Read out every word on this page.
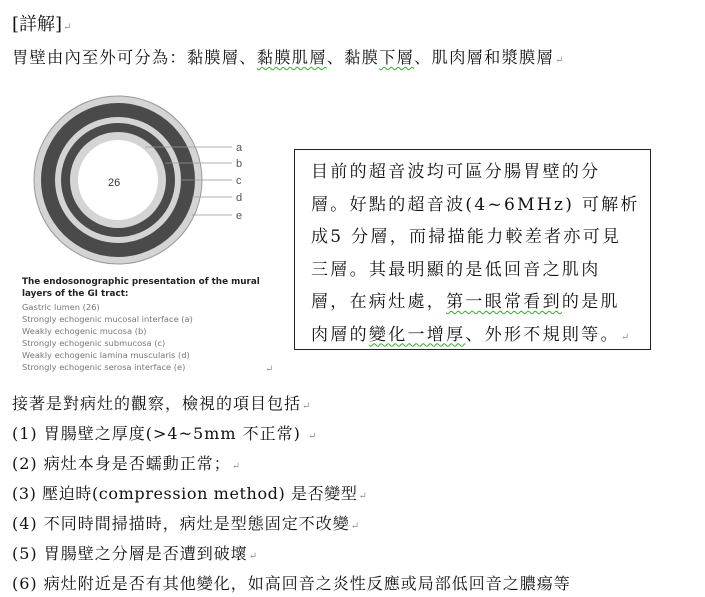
[詳解]↵
胃壁由內至外可分為：黏膜層、黏膜肌層、黏膜下層、肌肉層和漿膜層↵
26
a
b
c
d
e
The endosonographic presentation of the mural
layers of the GI tract:
Gastric lumen (26)
Strongly echogenic mucosal interface (a)
Weakly echogenic mucosa (b)
Strongly echogenic submucosa (c)
Weakly echogenic lamina muscularis (d)
Strongly echogenic serosa interface (e)	↵
目前的超音波均可區分腸胃壁的分
層。好點的超音波(4~6MHz) 可解析
成5 分層，而掃描能力較差者亦可見
三層。其最明顯的是低回音之肌肉
層，在病灶處，第一眼常看到的是肌
肉層的變化一增厚、外形不規則等。↵
接著是對病灶的觀察，檢視的項目包括↵
(1) 胃腸壁之厚度(>4~5mm 不正常) ↵
(2) 病灶本身是否蠕動正常；↵
(3) 壓迫時(compression method) 是否變型↵
(4) 不同時間掃描時，病灶是型態固定不改變↵
(5) 胃腸壁之分層是否遭到破壞↵
(6) 病灶附近是否有其他變化，如高回音之炎性反應或局部低回音之膿瘍等
